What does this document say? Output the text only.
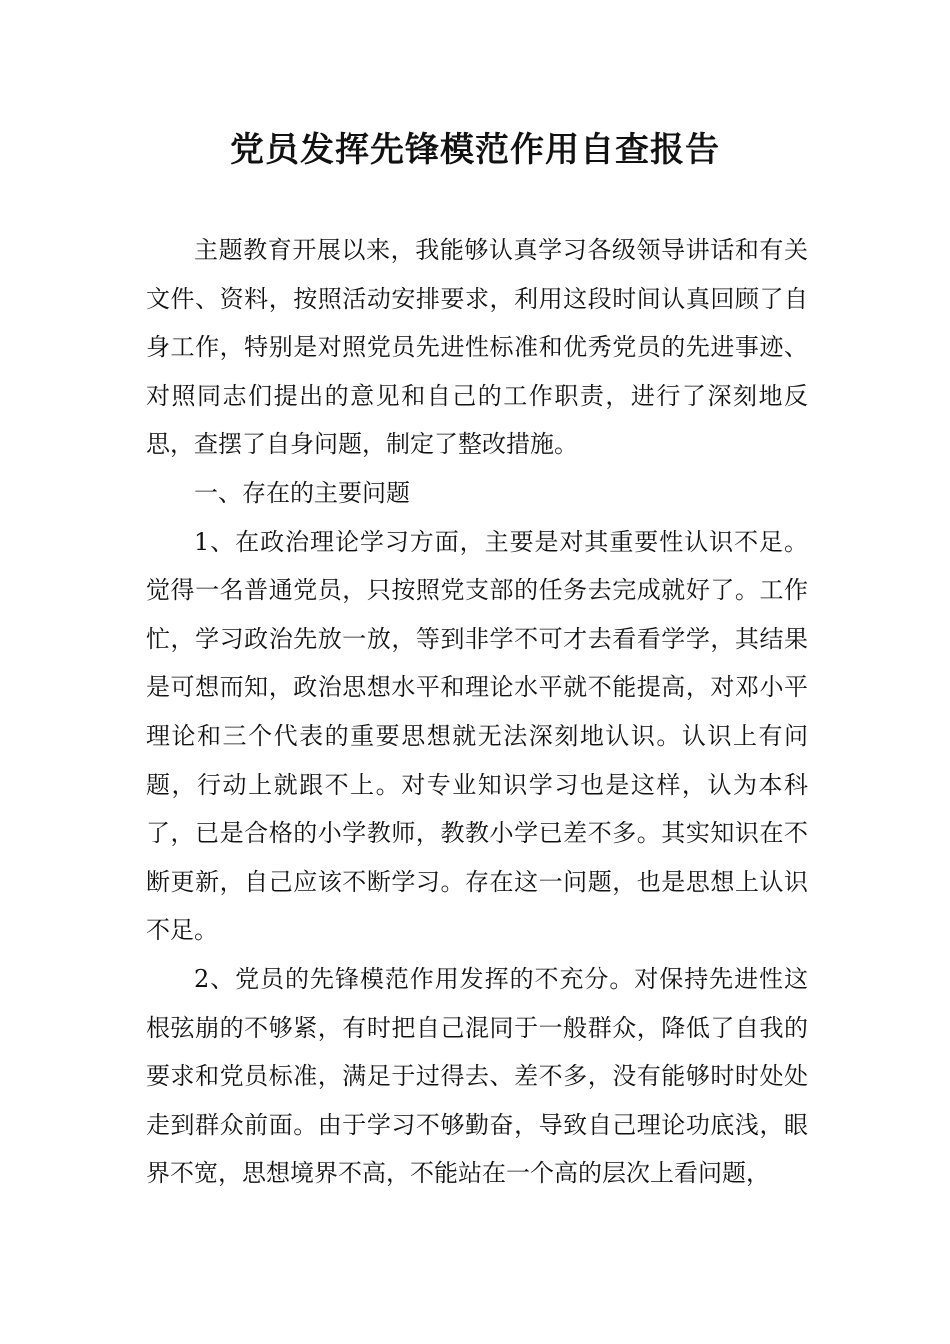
党员发挥先锋模范作用自查报告

主题教育开展以来，我能够认真学习各级领导讲话和有关文件、资料，按照活动安排要求，利用这段时间认真回顾了自身工作，特别是对照党员先进性标准和优秀党员的先进事迹、对照同志们提出的意见和自己的工作职责，进行了深刻地反思，查摆了自身问题，制定了整改措施。

一、存在的主要问题

1、在政治理论学习方面，主要是对其重要性认识不足。觉得一名普通党员，只按照党支部的任务去完成就好了。工作忙，学习政治先放一放，等到非学不可才去看看学学，其结果是可想而知，政治思想水平和理论水平就不能提高，对邓小平理论和三个代表的重要思想就无法深刻地认识。认识上有问题，行动上就跟不上。对专业知识学习也是这样，认为本科了，已是合格的小学教师，教教小学已差不多。其实知识在不断更新，自己应该不断学习。存在这一问题，也是思想上认识不足。

2、党员的先锋模范作用发挥的不充分。对保持先进性这根弦崩的不够紧，有时把自己混同于一般群众，降低了自我的要求和党员标准，满足于过得去、差不多，没有能够时时处处走到群众前面。由于学习不够勤奋，导致自己理论功底浅，眼界不宽，思想境界不高，不能站在一个高的层次上看问题，
